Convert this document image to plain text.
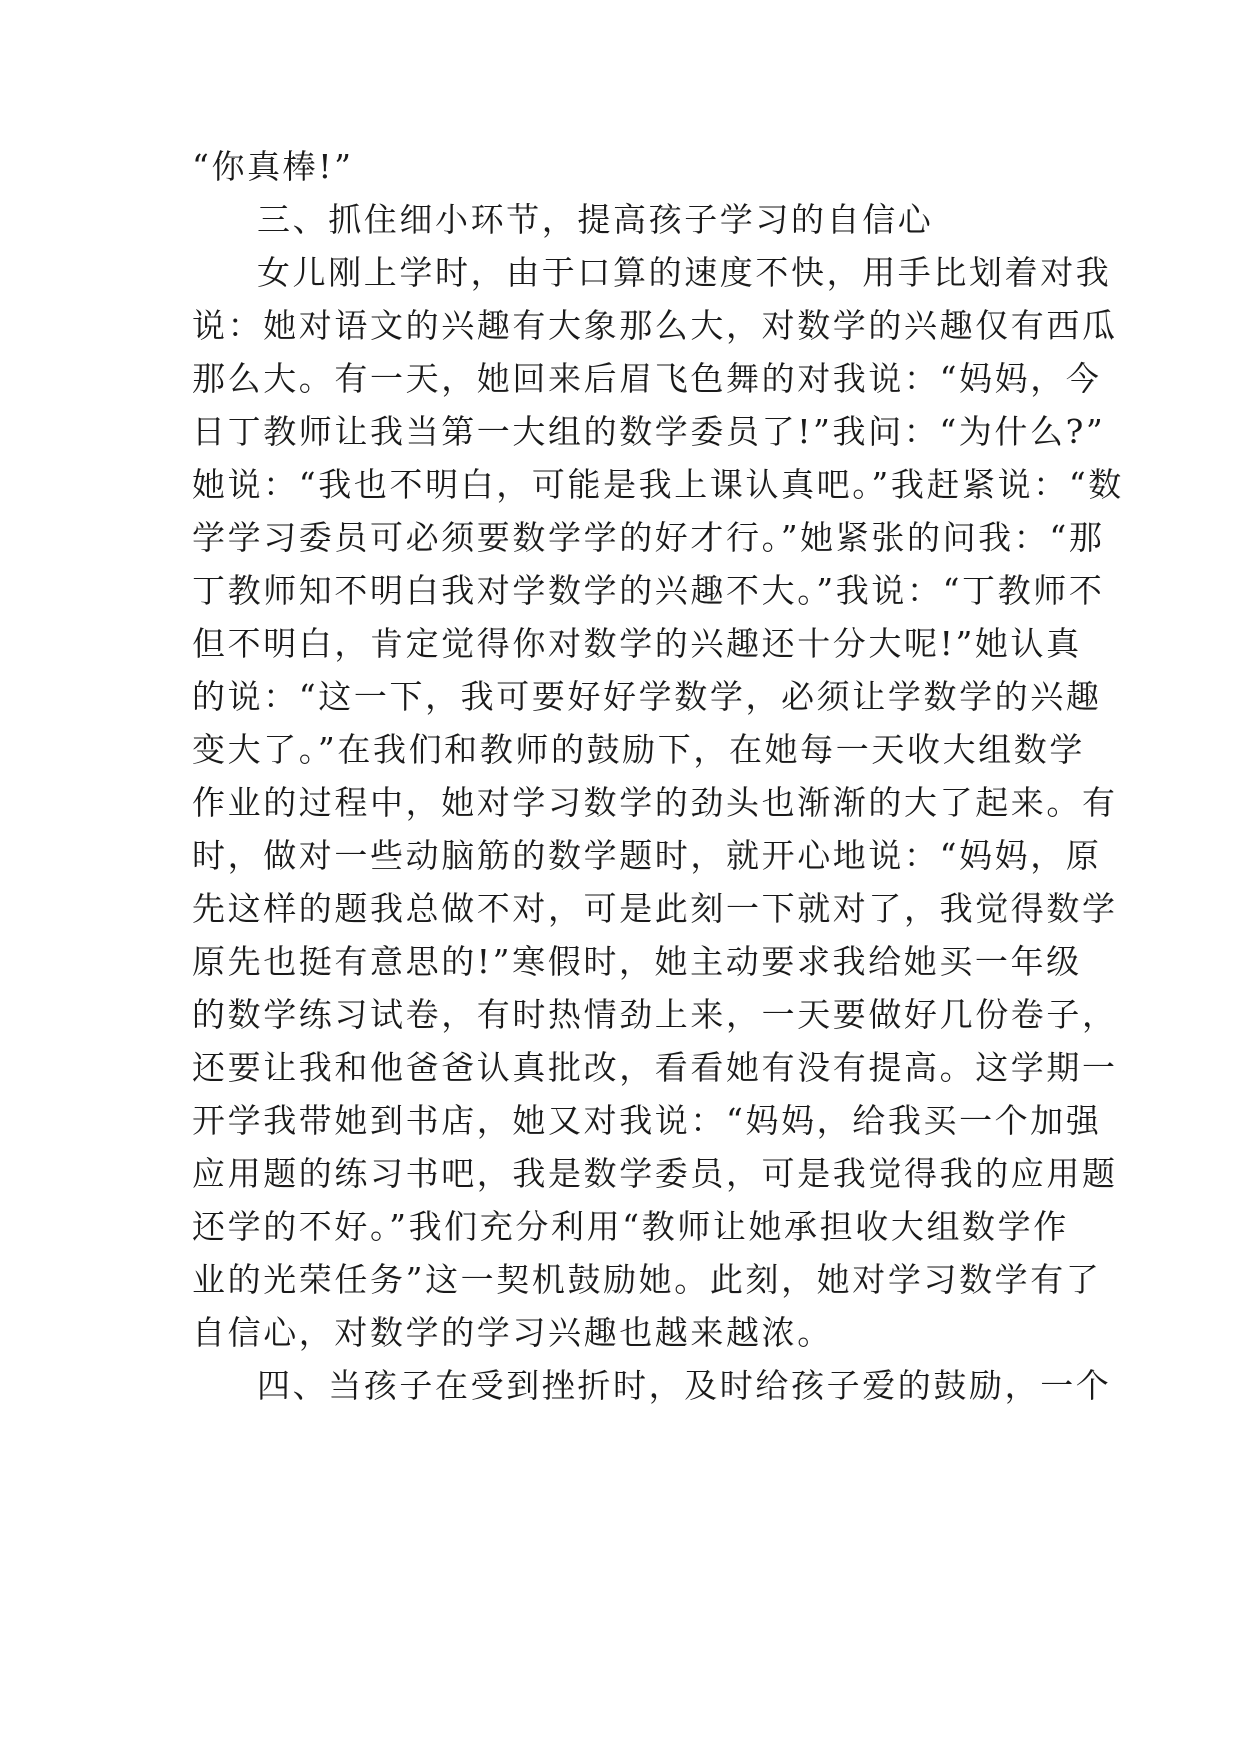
“你真棒!”
三、抓住细小环节，提高孩子学习的自信心
女儿刚上学时，由于口算的速度不快，用手比划着对我
说：她对语文的兴趣有大象那么大，对数学的兴趣仅有西瓜
那么大。有一天，她回来后眉飞色舞的对我说：“妈妈，今
日丁教师让我当第一大组的数学委员了!”我问：“为什么?”
她说：“我也不明白，可能是我上课认真吧。”我赶紧说：“数
学学习委员可必须要数学学的好才行。”她紧张的问我：“那
丁教师知不明白我对学数学的兴趣不大。”我说：“丁教师不
但不明白，肯定觉得你对数学的兴趣还十分大呢!”她认真
的说：“这一下，我可要好好学数学，必须让学数学的兴趣
变大了。”在我们和教师的鼓励下，在她每一天收大组数学
作业的过程中，她对学习数学的劲头也渐渐的大了起来。有
时，做对一些动脑筋的数学题时，就开心地说：“妈妈，原
先这样的题我总做不对，可是此刻一下就对了，我觉得数学
原先也挺有意思的!”寒假时，她主动要求我给她买一年级
的数学练习试卷，有时热情劲上来，一天要做好几份卷子，
还要让我和他爸爸认真批改，看看她有没有提高。这学期一
开学我带她到书店，她又对我说：“妈妈，给我买一个加强
应用题的练习书吧，我是数学委员，可是我觉得我的应用题
还学的不好。”我们充分利用“教师让她承担收大组数学作
业的光荣任务”这一契机鼓励她。此刻，她对学习数学有了
自信心，对数学的学习兴趣也越来越浓。
四、当孩子在受到挫折时，及时给孩子爱的鼓励，一个
